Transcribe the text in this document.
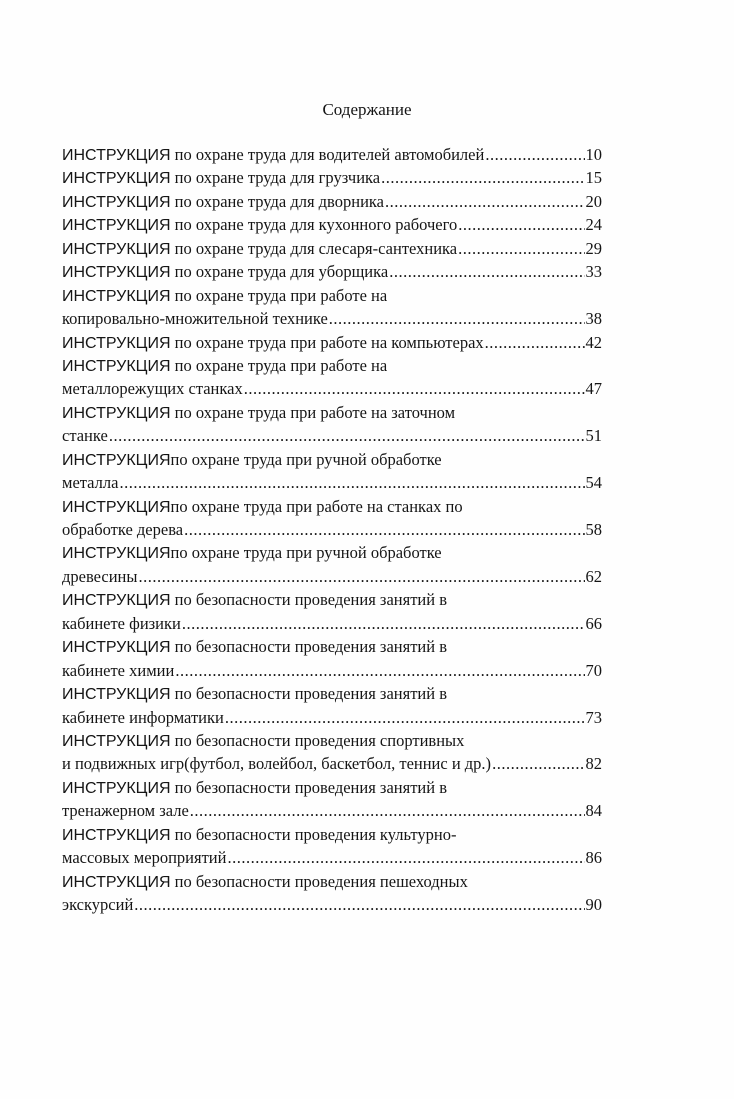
Содержание
ИНСТРУКЦИЯ по охране труда для водителей автомобилей .....	10
ИНСТРУКЦИЯ по охране труда для грузчика .....	15
ИНСТРУКЦИЯ по охране труда для дворника .....	20
ИНСТРУКЦИЯ по охране труда для кухонного рабочего .....	24
ИНСТРУКЦИЯ по охране труда для слесаря-сантехника .....	29
ИНСТРУКЦИЯ по охране труда для уборщика .....	33
ИНСТРУКЦИЯ по охране труда при работе на
копировально-множительной технике .....	38
ИНСТРУКЦИЯ по охране труда при работе на компьютерах .....	42
ИНСТРУКЦИЯ по охране труда при работе на
металлорежущих станках .....	47
ИНСТРУКЦИЯ по охране труда при работе на заточном
станке .....	51
ИНСТРУКЦИЯпо охране труда при ручной обработке
металла .....	54
ИНСТРУКЦИЯпо охране труда при работе на станках по
обработке дерева .....	58
ИНСТРУКЦИЯпо охране труда при ручной обработке
древесины .....	62
ИНСТРУКЦИЯ по безопасности проведения занятий в
кабинете физики .....	66
ИНСТРУКЦИЯ по безопасности проведения занятий в
кабинете химии .....	70
ИНСТРУКЦИЯ по безопасности проведения занятий в
кабинете информатики .....	73
ИНСТРУКЦИЯ по безопасности проведения спортивных
и подвижных игр(футбол, волейбол, баскетбол, теннис и др.) .....	82
ИНСТРУКЦИЯ по безопасности проведения занятий в
тренажерном зале .....	84
ИНСТРУКЦИЯ по безопасности проведения культурно-
массовых мероприятий .....	86
ИНСТРУКЦИЯ по безопасности проведения пешеходных
экскурсий .....	90
